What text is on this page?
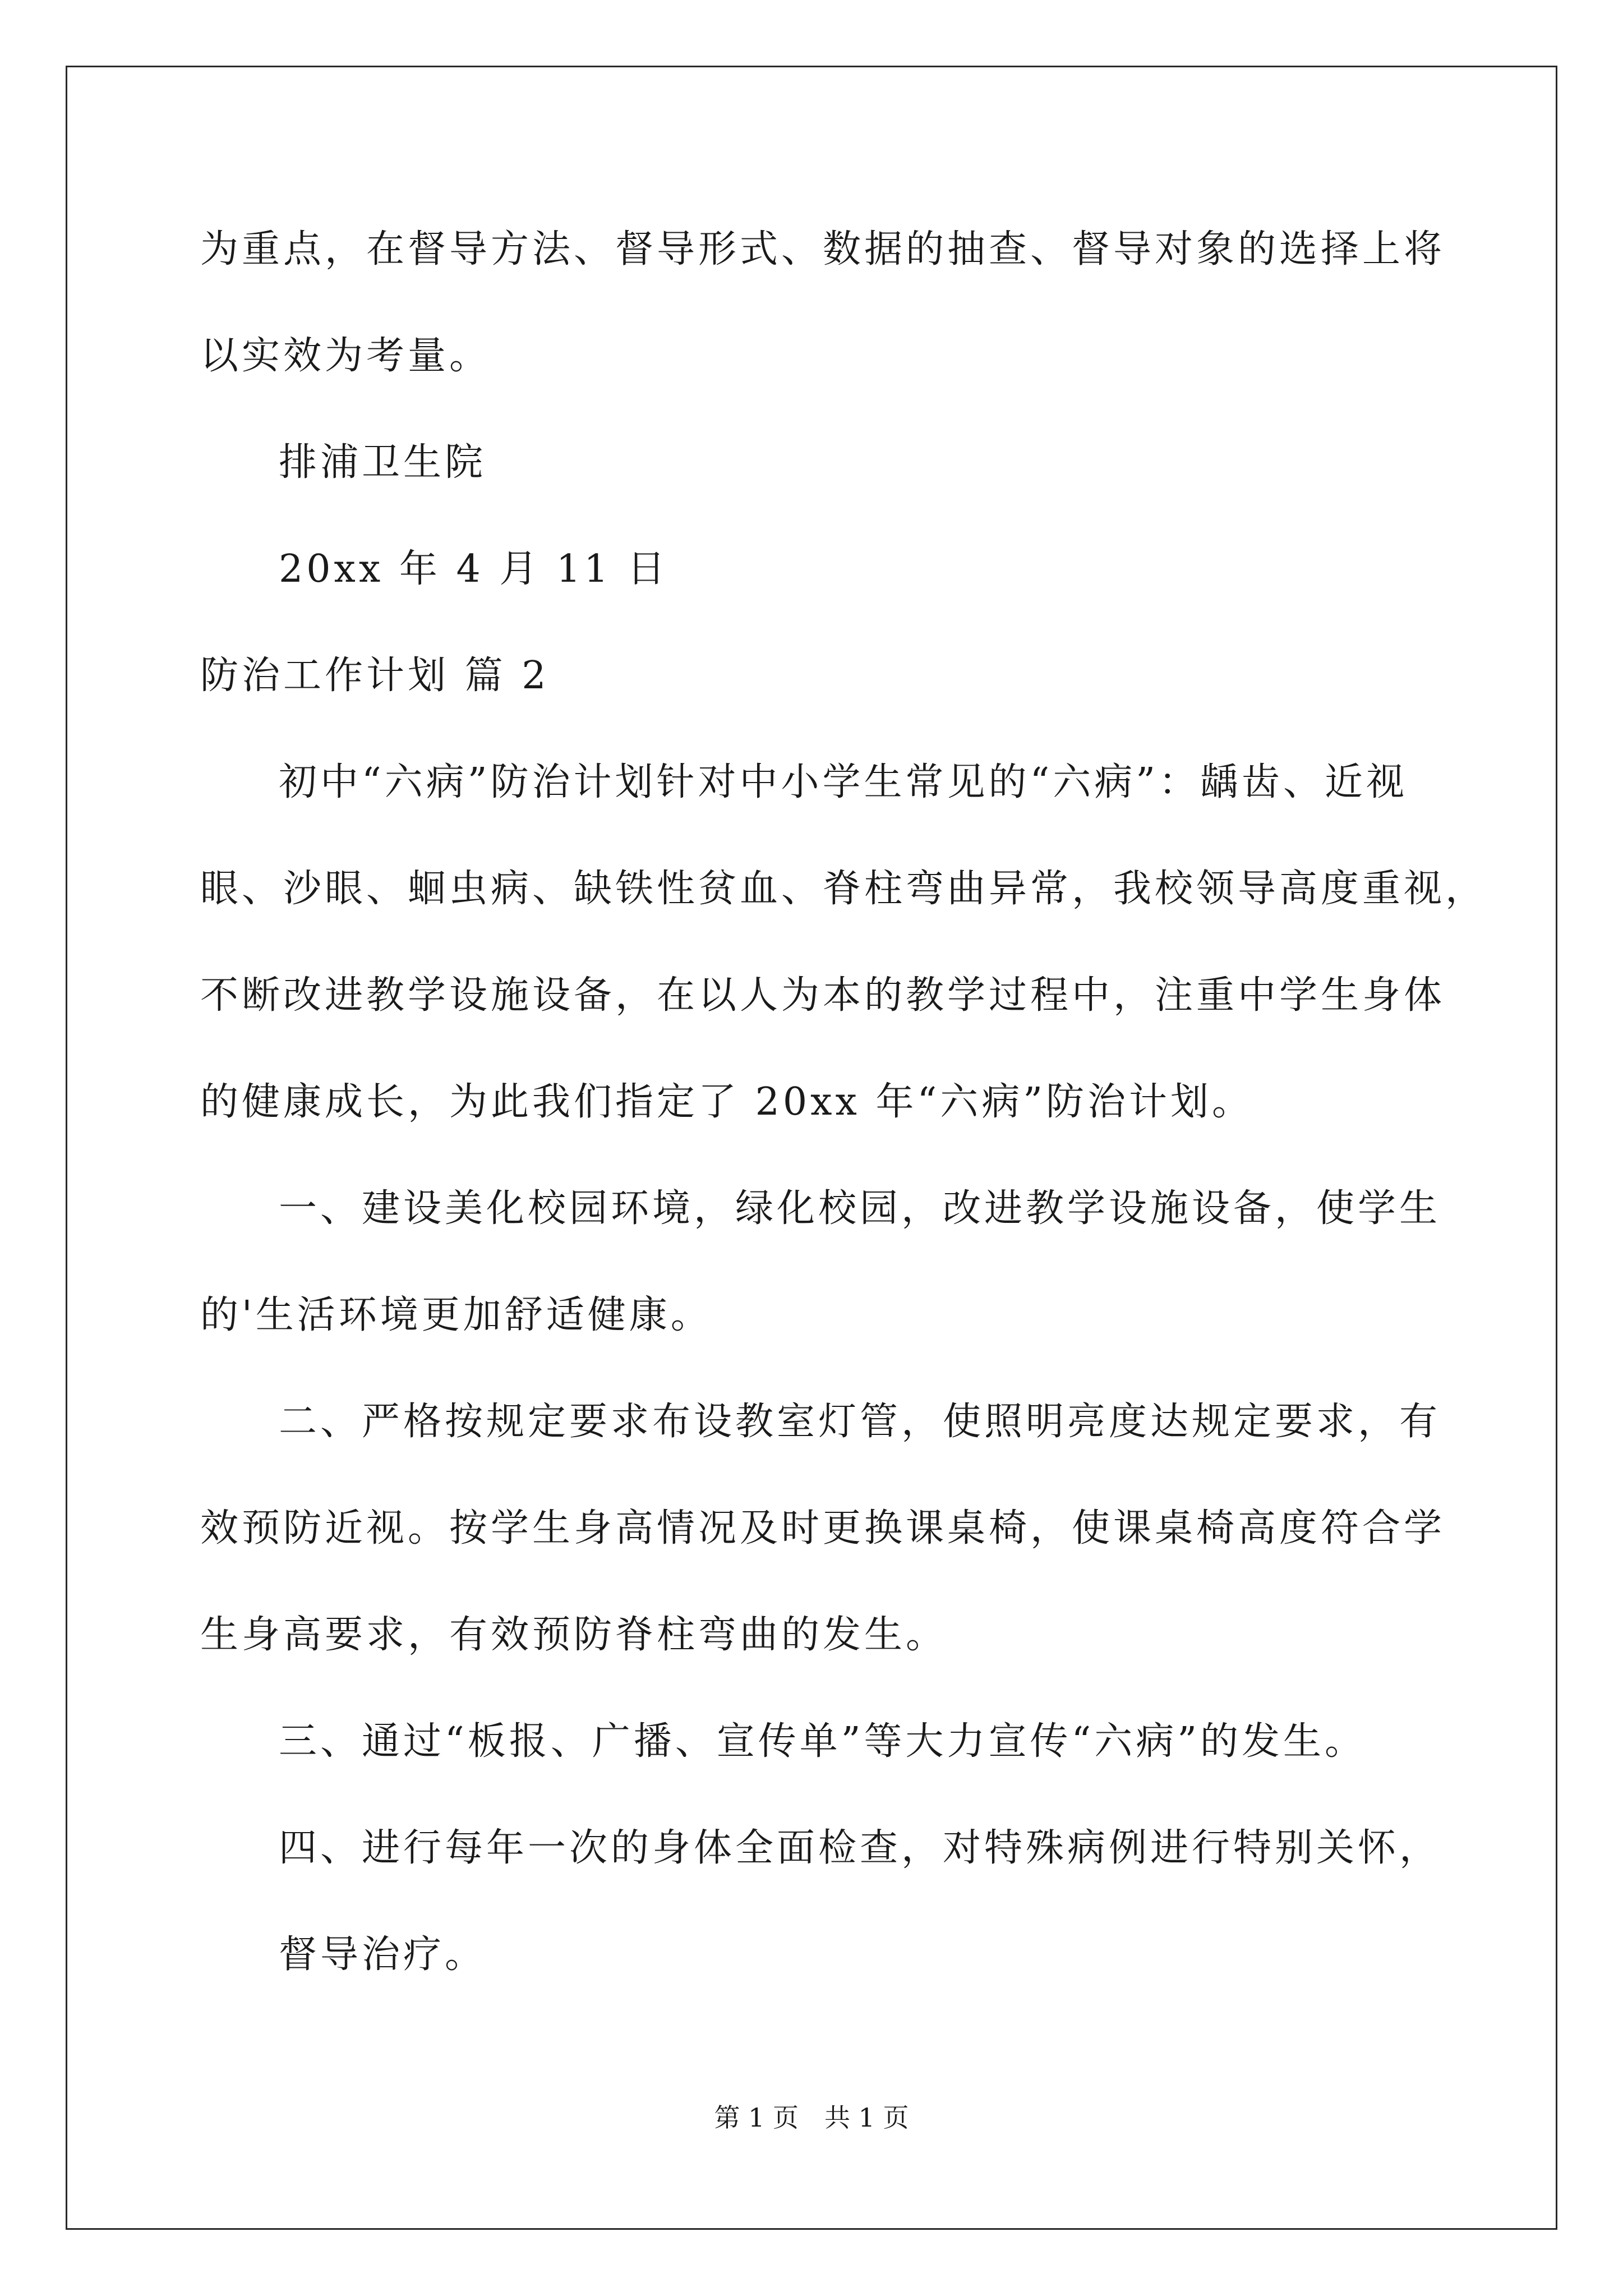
为重点，在督导方法、督导形式、数据的抽查、督导对象的选择上将

以实效为考量。

排浦卫生院

20xx 年 4 月 11 日

防治工作计划 篇 2

初中“六病”防治计划针对中小学生常见的“六病”：龋齿、近视

眼、沙眼、蛔虫病、缺铁性贫血、脊柱弯曲异常，我校领导高度重视，

不断改进教学设施设备，在以人为本的教学过程中，注重中学生身体

的健康成长，为此我们指定了 20xx 年“六病”防治计划。

一、建设美化校园环境，绿化校园，改进教学设施设备，使学生

的'生活环境更加舒适健康。

二、严格按规定要求布设教室灯管，使照明亮度达规定要求，有

效预防近视。按学生身高情况及时更换课桌椅，使课桌椅高度符合学

生身高要求，有效预防脊柱弯曲的发生。

三、通过“板报、广播、宣传单”等大力宣传“六病”的发生。

四、进行每年一次的身体全面检查，对特殊病例进行特别关怀，

督导治疗。

第 1 页　共 1 页
